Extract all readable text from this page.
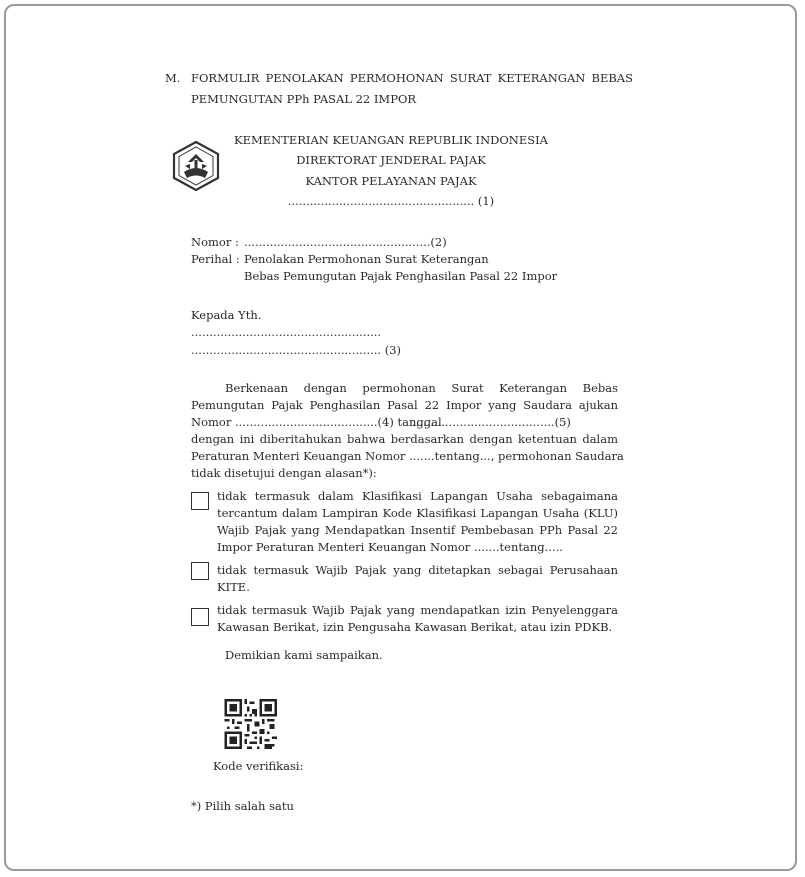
M. FORMULIR PENOLAKAN PERMOHONAN SURAT KETERANGAN BEBAS
PEMUNGUTAN PPh PASAL 22 IMPOR
KEMENTERIAN KEUANGAN REPUBLIK INDONESIA
DIREKTORAT JENDERAL PAJAK
KANTOR PELAYANAN PAJAK
................................................... (1)
Nomor : ...................................................(2)
Perihal : Penolakan Permohonan Surat Keterangan
Bebas Pemungutan Pajak Penghasilan Pasal 22 Impor
Kepada Yth.
....................................................
.................................................... (3)
Berkenaan dengan permohonan Surat Keterangan Bebas
Pemungutan Pajak Penghasilan Pasal 22 Impor yang Saudara ajukan
Nomor .......................................(4) tanggal
.......................................(5)
dengan ini diberitahukan bahwa berdasarkan dengan ketentuan dalam
Peraturan Menteri Keuangan Nomor .......tentang..., permohonan Saudara
tidak disetujui dengan alasan*):
tidak termasuk dalam Klasifikasi Lapangan Usaha sebagaimana
tercantum dalam Lampiran Kode Klasifikasi Lapangan Usaha (KLU)
Wajib Pajak yang Mendapatkan Insentif Pembebasan PPh Pasal 22
Impor Peraturan Menteri Keuangan Nomor .......tentang.....
tidak termasuk Wajib Pajak yang ditetapkan sebagai Perusahaan
KITE.
tidak termasuk Wajib Pajak yang mendapatkan izin Penyelenggara
Kawasan Berikat, izin Pengusaha Kawasan Berikat, atau izin PDKB.
Demikian kami sampaikan.
Kode verifikasi:
*) Pilih salah satu
